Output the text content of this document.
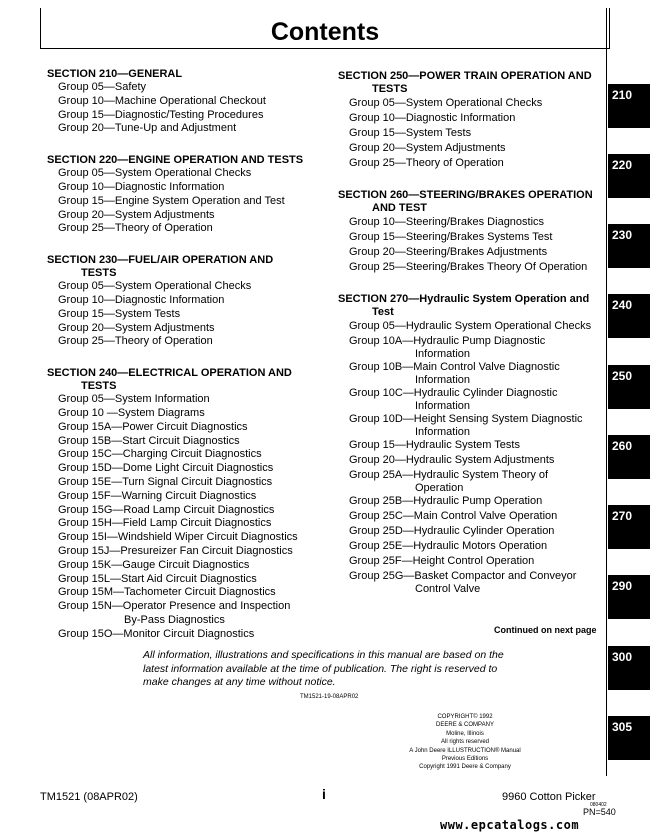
Contents
SECTION 210—GENERAL
Group 05—Safety
Group 10—Machine Operational Checkout
Group 15—Diagnostic/Testing Procedures
Group 20—Tune-Up and Adjustment
SECTION 220—ENGINE OPERATION AND TESTS
Group 05—System Operational Checks
Group 10—Diagnostic Information
Group 15—Engine System Operation and Test
Group 20—System Adjustments
Group 25—Theory of Operation
SECTION 230—FUEL/AIR OPERATION AND
TESTS
Group 05—System Operational Checks
Group 10—Diagnostic Information
Group 15—System Tests
Group 20—System Adjustments
Group 25—Theory of Operation
SECTION 240—ELECTRICAL OPERATION AND
TESTS
Group 05—System Information
Group 10 —System Diagrams
Group 15A—Power Circuit Diagnostics
Group 15B—Start Circuit Diagnostics
Group 15C—Charging Circuit Diagnostics
Group 15D—Dome Light Circuit Diagnostics
Group 15E—Turn Signal Circuit Diagnostics
Group 15F—Warning Circuit Diagnostics
Group 15G—Road Lamp Circuit Diagnostics
Group 15H—Field Lamp Circuit Diagnostics
Group 15I—Windshield Wiper Circuit Diagnostics
Group 15J—Presureizer Fan Circuit Diagnostics
Group 15K—Gauge Circuit Diagnostics
Group 15L—Start Aid Circuit Diagnostics
Group 15M—Tachometer Circuit Diagnostics
Group 15N—Operator Presence and Inspection
By-Pass Diagnostics
Group 15O—Monitor Circuit Diagnostics
SECTION 250—POWER TRAIN OPERATION AND
TESTS
Group 05—System Operational Checks
Group 10—Diagnostic Information
Group 15—System Tests
Group 20—System Adjustments
Group 25—Theory of Operation
SECTION 260—STEERING/BRAKES OPERATION
AND TEST
Group 10—Steering/Brakes Diagnostics
Group 15—Steering/Brakes Systems Test
Group 20—Steering/Brakes Adjustments
Group 25—Steering/Brakes Theory Of Operation
SECTION 270—Hydraulic System Operation and
Test
Group 05—Hydraulic System Operational Checks
Group 10A—Hydraulic Pump Diagnostic
Information
Group 10B—Main Control Valve Diagnostic
Information
Group 10C—Hydraulic Cylinder Diagnostic
Information
Group 10D—Height Sensing System Diagnostic
Information
Group 15—Hydraulic System Tests
Group 20—Hydraulic System Adjustments
Group 25A—Hydraulic System Theory of
Operation
Group 25B—Hydraulic Pump Operation
Group 25C—Main Control Valve Operation
Group 25D—Hydraulic Cylinder Operation
Group 25E—Hydraulic Motors Operation
Group 25F—Height Control Operation
Group 25G—Basket Compactor and Conveyor
Control Valve
Continued on next page
All information, illustrations and specifications in this manual are based on the latest information available at the time of publication. The right is reserved to make changes at any time without notice.
TM1521-19-08APR02
COPYRIGHT© 1992
DEERE & COMPANY
Moline, Illinois
All rights reserved
A John Deere ILLUSTRUCTION® Manual
Previous Editions
Copyright 1991 Deere & Company
210
220
230
240
250
260
270
290
300
305
TM1521 (08APR02)	i	9960 Cotton Picker
080402
PN=540
www.epcatalogs.com
